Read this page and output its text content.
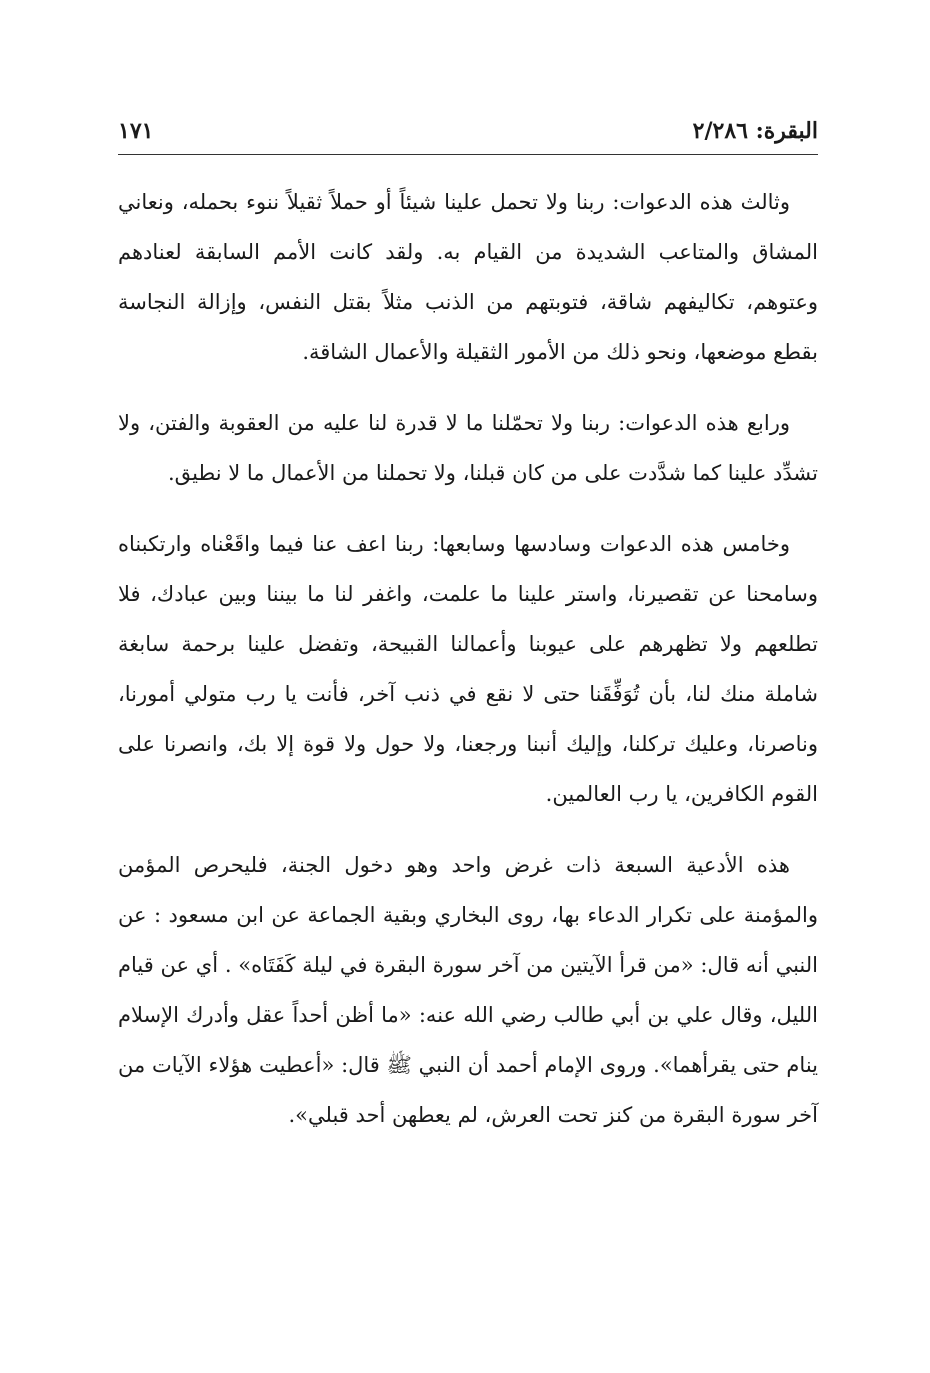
البقرة: ٢/٢٨٦
١٧١

وثالث هذه الدعوات: ربنا ولا تحمل علينا شيئاً أو حملاً ثقيلاً ننوء بحمله، ونعاني المشاق والمتاعب الشديدة من القيام به. ولقد كانت الأمم السابقة لعنادهم وعتوهم، تكاليفهم شاقة، فتوبتهم من الذنب مثلاً بقتل النفس، وإزالة النجاسة بقطع موضعها، ونحو ذلك من الأمور الثقيلة والأعمال الشاقة.

ورابع هذه الدعوات: ربنا ولا تحمّلنا ما لا قدرة لنا عليه من العقوبة والفتن، ولا تشدِّد علينا كما شدَّدت على من كان قبلنا، ولا تحملنا من الأعمال ما لا نطيق.

وخامس هذه الدعوات وسادسها وسابعها: ربنا اعف عنا فيما واقَعْناه وارتكبناه وسامحنا عن تقصيرنا، واستر علينا ما علمت، واغفر لنا ما بيننا وبين عبادك، فلا تطلعهم ولا تظهرهم على عيوبنا وأعمالنا القبيحة، وتفضل علينا برحمة سابغة شاملة منك لنا، بأن تُوَفِّقَنا حتى لا نقع في ذنب آخر، فأنت يا رب متولي أمورنا، وناصرنا، وعليك تركلنا، وإليك أنبنا ورجعنا، ولا حول ولا قوة إلا بك، وانصرنا على القوم الكافرين، يا رب العالمين.

هذه الأدعية السبعة ذات غرض واحد وهو دخول الجنة، فليحرص المؤمن والمؤمنة على تكرار الدعاء بها، روى البخاري وبقية الجماعة عن ابن مسعود : عن النبي أنه قال: «من قرأ الآيتين من آخر سورة البقرة في ليلة كَفَتَاه» . أي عن قيام الليل، وقال علي بن أبي طالب رضي الله عنه: «ما أظن أحداً عقل وأدرك الإسلام ينام حتى يقرأهما». وروى الإمام أحمد أن النبي ﷺ قال: «أعطيت هؤلاء الآيات من آخر سورة البقرة من كنز تحت العرش، لم يعطهن أحد قبلي».
